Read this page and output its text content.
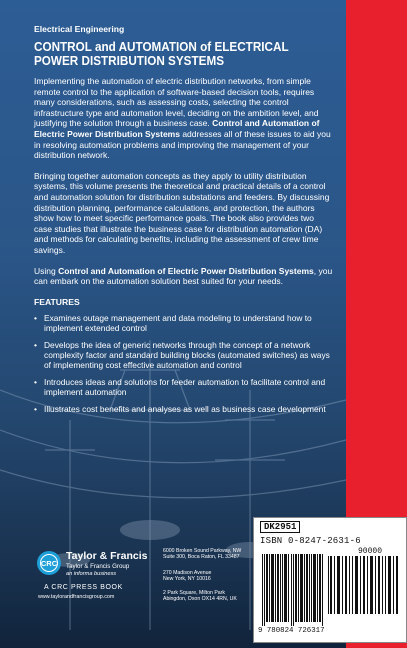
Electrical Engineering
CONTROL and AUTOMATION of ELECTRICAL
POWER DISTRIBUTION SYSTEMS

Implementing the automation of electric distribution networks, from simple remote control to the application of software-based decision tools, requires many considerations, such as assessing costs, selecting the control infrastructure type and automation level, deciding on the ambition level, and justifying the solution through a business case. Control and Automation of Electric Power Distribution Systems addresses all of these issues to aid you in resolving automation problems and improving the management of your distribution network.

Bringing together automation concepts as they apply to utility distribution systems, this volume presents the theoretical and practical details of a control and automation solution for distribution substations and feeders. By discussing distribution planning, performance calculations, and protection, the authors show how to meet specific performance goals. The book also provides two case studies that illustrate the business case for distribution automation (DA) and methods for calculating benefits, including the assessment of crew time savings.

Using Control and Automation of Electric Power Distribution Systems, you can embark on the automation solution best suited for your needs.

FEATURES
• Examines outage management and data modeling to understand how to implement extended control
• Develops the idea of generic networks through the concept of a network complexity factor and standard building blocks (automated switches) as ways of implementing cost effective automation and control
• Introduces ideas and solutions for feeder automation to facilitate control and implement automation
• Illustrates cost benefits and analyses as well as business case development
CRC
Taylor & Francis
Taylor & Francis Group
an informa business
A CRC PRESS BOOK
www.taylorandfrancisgroup.com
6000 Broken Sound Parkway, NW
Suite 300, Boca Raton, FL 33487
270 Madison Avenue
New York, NY 10016
2 Park Square, Milton Park
Abingdon, Oxon OX14 4RN, UK
DK2951
ISBN 0-8247-2631-6
90000
9 780824 726317
